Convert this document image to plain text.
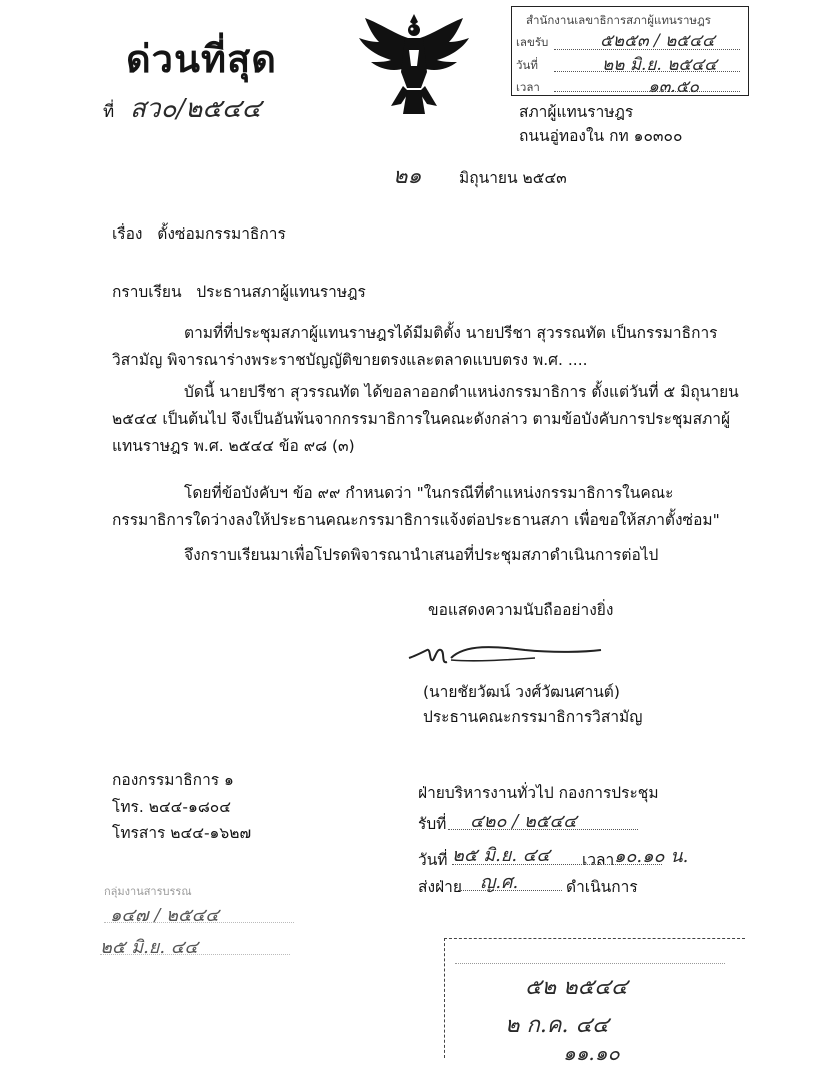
ด่วนที่สุด
ที่ สว๐/๒๕๔๔
สำนักงานเลขาธิการสภาผู้แทนราษฎร
เลขรับ	๕๒๕๓ / ๒๕๔๔
วันที่	๒๒ มิ.ย. ๒๕๔๔
เวลา	๑๓.๕๐
สภาผู้แทนราษฎร
ถนนอู่ทองใน กท ๑๐๓๐๐
๒๑ มิถุนายน ๒๕๔๓
เรื่อง ตั้งซ่อมกรรมาธิการ
กราบเรียน ประธานสภาผู้แทนราษฎร
ตามที่ที่ประชุมสภาผู้แทนราษฎรได้มีมติตั้ง นายปรีชา สุวรรณทัต เป็นกรรมาธิการวิสามัญ พิจารณาร่างพระราชบัญญัติขายตรงและตลาดแบบตรง พ.ศ. ....
บัดนี้ นายปรีชา สุวรรณทัต ได้ขอลาออกตำแหน่งกรรมาธิการ ตั้งแต่วันที่ ๕ มิถุนายน ๒๕๔๔ เป็นต้นไป จึงเป็นอันพ้นจากกรรมาธิการในคณะดังกล่าว ตามข้อบังคับการประชุมสภาผู้แทนราษฎร พ.ศ. ๒๕๔๔ ข้อ ๙๘ (๓)
โดยที่ข้อบังคับฯ ข้อ ๙๙ กำหนดว่า "ในกรณีที่ตำแหน่งกรรมาธิการในคณะกรรมาธิการใดว่างลงให้ประธานคณะกรรมาธิการแจ้งต่อประธานสภา เพื่อขอให้สภาตั้งซ่อม"
จึงกราบเรียนมาเพื่อโปรดพิจารณานำเสนอที่ประชุมสภาดำเนินการต่อไป
ขอแสดงความนับถืออย่างยิ่ง
(นายชัยวัฒน์ วงศ์วัฒนศานต์)
ประธานคณะกรรมาธิการวิสามัญ
กองกรรมาธิการ ๑
โทร. ๒๔๔-๑๘๐๔
โทรสาร ๒๔๔-๑๖๒๗
ฝ่ายบริหารงานทั่วไป กองการประชุม
รับที่ ๔๒๐ / ๒๕๔๔
วันที่ ๒๕ มิ.ย. ๔๔ เวลา ๑๐.๑๐ น.
ส่งฝ่าย ญ.ศ.	ดำเนินการ
กลุ่มงานสารบรรณ
๑๔๗ / ๒๕๔๔
๒๕ มิ.ย. ๔๔
๕๒ ๒๕๔๔
๒ ก.ค. ๔๔
๑๑.๑๐
